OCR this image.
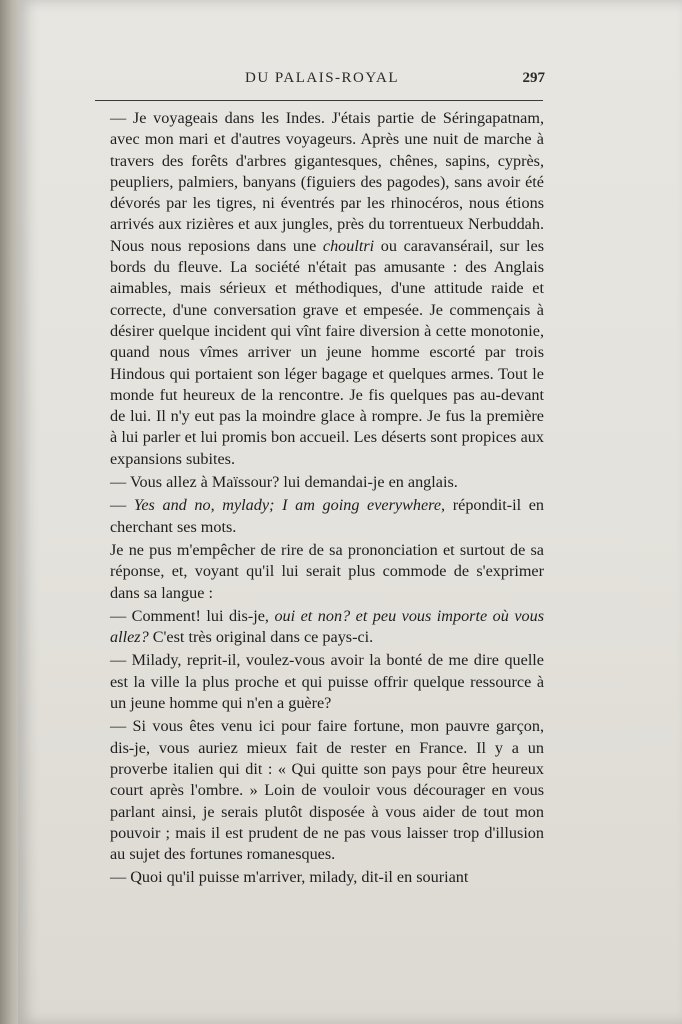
DU PALAIS-ROYAL	297

— Je voyageais dans les Indes. J'étais partie de Séringapatnam, avec mon mari et d'autres voyageurs. Après une nuit de marche à travers des forêts d'arbres gigantesques, chênes, sapins, cyprès, peupliers, palmiers, banyans (figuiers des pagodes), sans avoir été dévorés par les tigres, ni éventrés par les rhinocéros, nous étions arrivés aux rizières et aux jungles, près du torrentueux Nerbuddah. Nous nous reposions dans une choultri ou caravansérail, sur les bords du fleuve. La société n'était pas amusante : des Anglais aimables, mais sérieux et méthodiques, d'une attitude raide et correcte, d'une conversation grave et empesée. Je commençais à désirer quelque incident qui vînt faire diversion à cette monotonie, quand nous vîmes arriver un jeune homme escorté par trois Hindous qui portaient son léger bagage et quelques armes. Tout le monde fut heureux de la rencontre. Je fis quelques pas au-devant de lui. Il n'y eut pas la moindre glace à rompre. Je fus la première à lui parler et lui promis bon accueil. Les déserts sont propices aux expansions subites.

— Vous allez à Maïssour? lui demandai-je en anglais.

— Yes and no, mylady; I am going everywhere, répondit-il en cherchant ses mots.

Je ne pus m'empêcher de rire de sa prononciation et surtout de sa réponse, et, voyant qu'il lui serait plus commode de s'exprimer dans sa langue :

— Comment! lui dis-je, oui et non? et peu vous importe où vous allez? C'est très original dans ce pays-ci.

— Milady, reprit-il, voulez-vous avoir la bonté de me dire quelle est la ville la plus proche et qui puisse offrir quelque ressource à un jeune homme qui n'en a guère?

— Si vous êtes venu ici pour faire fortune, mon pauvre garçon, dis-je, vous auriez mieux fait de rester en France. Il y a un proverbe italien qui dit : « Qui quitte son pays pour être heureux court après l'ombre. » Loin de vouloir vous décourager en vous parlant ainsi, je serais plutôt disposée à vous aider de tout mon pouvoir ; mais il est prudent de ne pas vous laisser trop d'illusion au sujet des fortunes romanesques.

— Quoi qu'il puisse m'arriver, milady, dit-il en souriant
